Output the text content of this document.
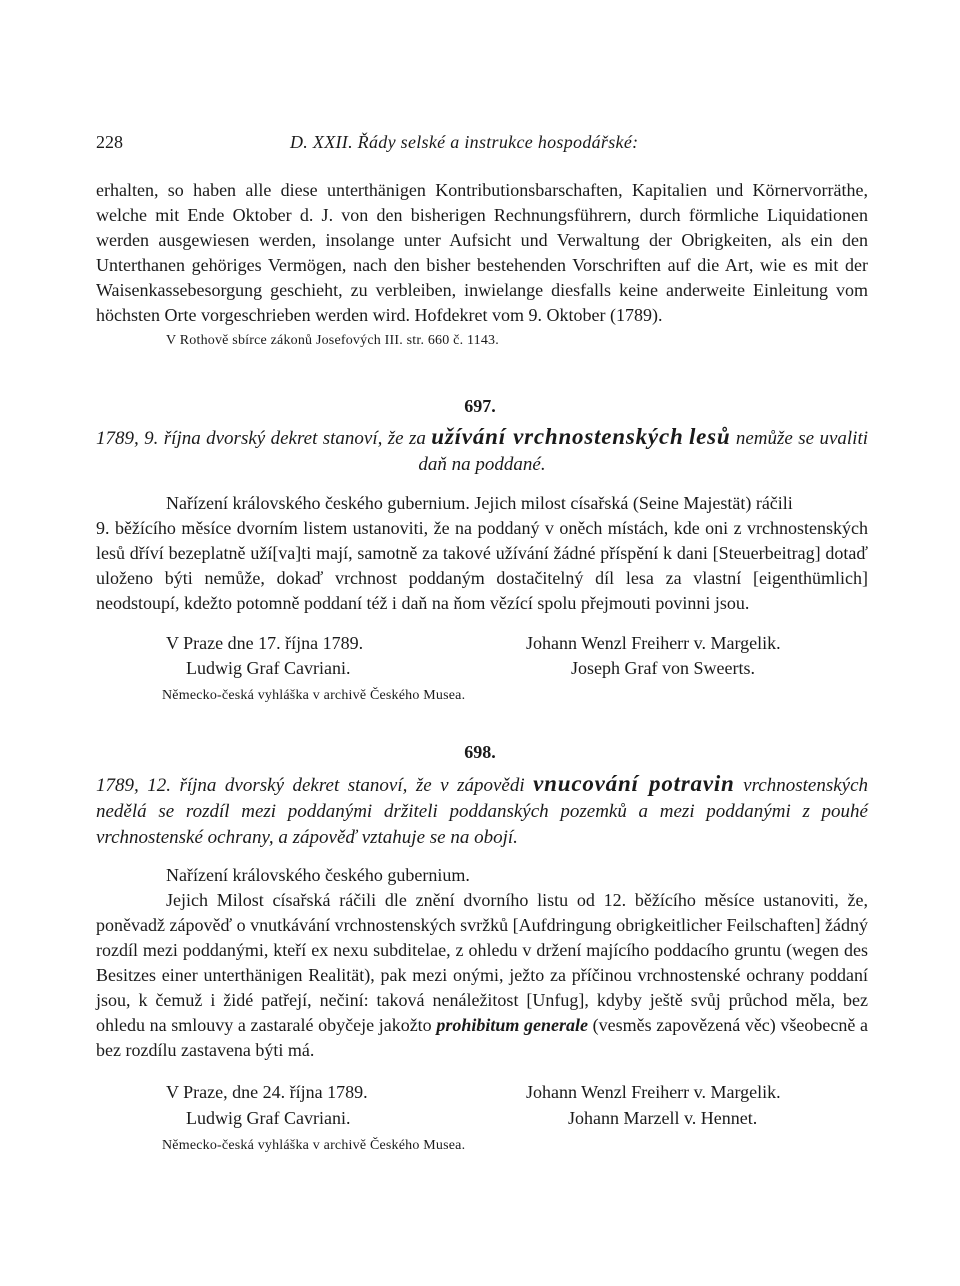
228	D. XXII. Řády selské a instrukce hospodářské:

erhalten, so haben alle diese unterthänigen Kontributionsbarschaften, Kapitalien und Körnervorräthe, welche mit Ende Oktober d. J. von den bisherigen Rechnungsführern, durch förmliche Liquidationen werden ausgewiesen werden, insolange unter Aufsicht und Verwaltung der Obrigkeiten, als ein den Unterthanen gehöriges Vermögen, nach den bisher bestehenden Vorschriften auf die Art, wie es mit der Waisenkassebesorgung geschieht, zu verbleiben, inwielange diesfalls keine anderweite Einleitung vom höchsten Orte vorgeschrieben werden wird. Hofdekret vom 9. Oktober (1789).

V Rothově sbírce zákonů Josefových III. str. 660 č. 1143.
697.

1789, 9. října dvorský dekret stanoví, že za užívání vrchnostenských lesů nemůže se uvaliti daň na poddané.

Nařízení královského českého gubernium. Jejich milost císařská (Seine Majestät) ráčili

9. běžícího měsíce dvorním listem ustanoviti, že na poddaný v oněch místách, kde oni z vrchnostenských lesů dříví bezeplatně uží[va]ti mají, samotně za takové užívání žádné příspění k dani [Steuerbeitrag] dotaď uloženo býti nemůže, dokaď vrchnost poddaným dostačitelný díl lesa za vlastní [eigenthümlich] neodstoupí, kdežto potomně poddaní též i daň na ňom vězící spolu přejmouti povinni jsou.

V Praze dne 17. října 1789.	Johann Wenzl Freiherr v. Margelik.
Ludwig Graf Cavriani.	Joseph Graf von Sweerts.
Německo-česká vyhláška v archivě Českého Musea.
698.

1789, 12. října dvorský dekret stanoví, že v zápovědi vnucování potravin vrchnostenských nedělá se rozdíl mezi poddanými držiteli poddanských pozemků a mezi poddanými z pouhé vrchnostenské ochrany, a zápověď vztahuje se na obojí.

Nařízení královského českého gubernium.

Jejich Milost císařská ráčili dle znění dvorního listu od 12. běžícího měsíce ustanoviti, že, poněvadž zápověď o vnutkávání vrchnostenských svržků [Aufdringung obrigkeitlicher Feilschaften] žádný rozdíl mezi poddanými, kteří ex nexu subditelae, z ohledu v držení majícího poddacího gruntu (wegen des Besitzes einer unterthänigen Realität), pak mezi onými, ježto za příčinou vrchnostenské ochrany poddaní jsou, k čemuž i židé patřejí, nečiní: taková nenáležitost [Unfug], kdyby ještě svůj průchod měla, bez ohledu na smlouvy a zastaralé obyčeje jakožto prohibitum generale (vesměs zapovězená věc) všeobecně a bez rozdílu zastavena býti má.

V Praze, dne 24. října 1789.	Johann Wenzl Freiherr v. Margelik.
Ludwig Graf Cavriani.	Johann Marzell v. Hennet.
Německo-česká vyhláška v archivě Českého Musea.
